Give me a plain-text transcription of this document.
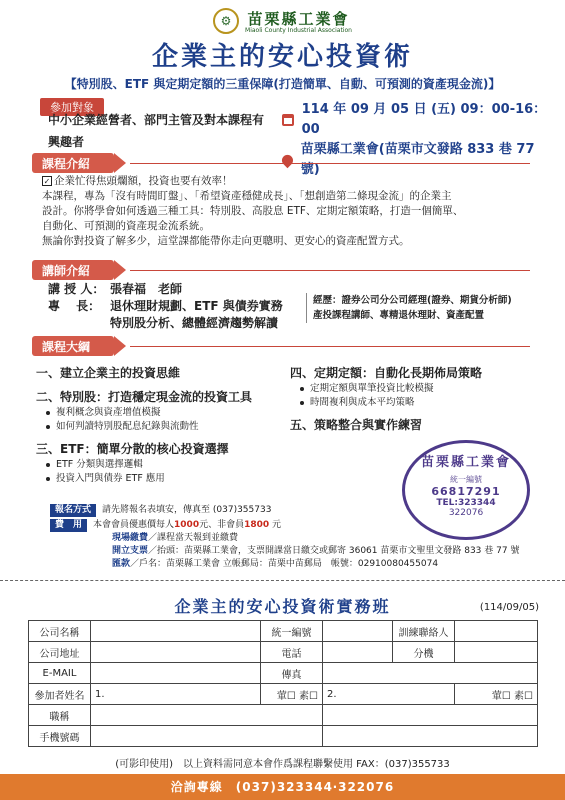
⚙	苗栗縣工業會
Miaoli County Industrial Association
企業主的安心投資術
【特別股、ETF 與定期定額的三重保障(打造簡單、自動、可預測的資產現金流)】
參加對象
中小企業經營者、部門主管及對本課程有
興趣者
114 年 09 月 05 日 (五) 09：00-16：00
苗栗縣工業會(苗栗市文發路 833 巷 77 號)
課程介紹
✓ 企業忙得焦頭爛額，投資也要有效率！
本課程，專為「沒有時間盯盤」、「希望資產穩健成長」、「想創造第二條現金流」的企業主
設計。你將學會如何透過三種工具：特別股、高股息 ETF、定期定額策略，打造一個簡單、
自動化、可預測的資產現金流系統。
無論你對投資了解多少，這堂課都能帶你走向更聰明、更安心的資產配置方式。
講師介紹
講 授 人： 張春福　老師
專　 長： 退休理財規劃、ETF 與債券實務
特別股分析、總體經濟趨勢解讀
經歷：證券公司分公司經理(證券、期貨分析師)
產投課程講師、專精退休理財、資產配置
課程大綱
一、建立企業主的投資思維
二、特別股：打造穩定現金流的投資工具
複利概念與資產增值模擬
如何判讀特別股配息紀錄與流動性
三、ETF：簡單分散的核心投資選擇
ETF 分類與選擇邏輯
投資入門與債券 ETF 應用
四、定期定額：自動化長期佈局策略
定期定額與單筆投資比較模擬
時間複利與成本平均策略
五、策略整合與實作練習
苗栗縣工業會
統一編號
66817291
TEL:323344
322076
報名方式 請先將報名表填安，傳真至 (037)355733
費　用 本會會員優惠價每人1000元、非會員1800 元
現場繳費／課程當天報到並繳費
開立支票／抬頭：苗栗縣工業會，支票開課當日繳交或郵寄 36061 苗栗市文聖里文發路 833 巷 77 號
匯款／戶名：苗栗縣工業會 立帳郵局：苗栗中苗郵局　帳號：02910080455074
企業主的安心投資術實務班	(114/09/05)
公司名稱		統一編號		訓練聯絡人	
公司地址		電話		分機	
E-MAIL		傳真			
參加者姓名	1.	葷☐ 素☐	2.		葷☐ 素☐
職稱					
手機號碼					
(可影印使用)　以上資料需同意本會作爲課程聯繫使用 FAX：(037)355733
洽詢專線　(037)323344‧322076
